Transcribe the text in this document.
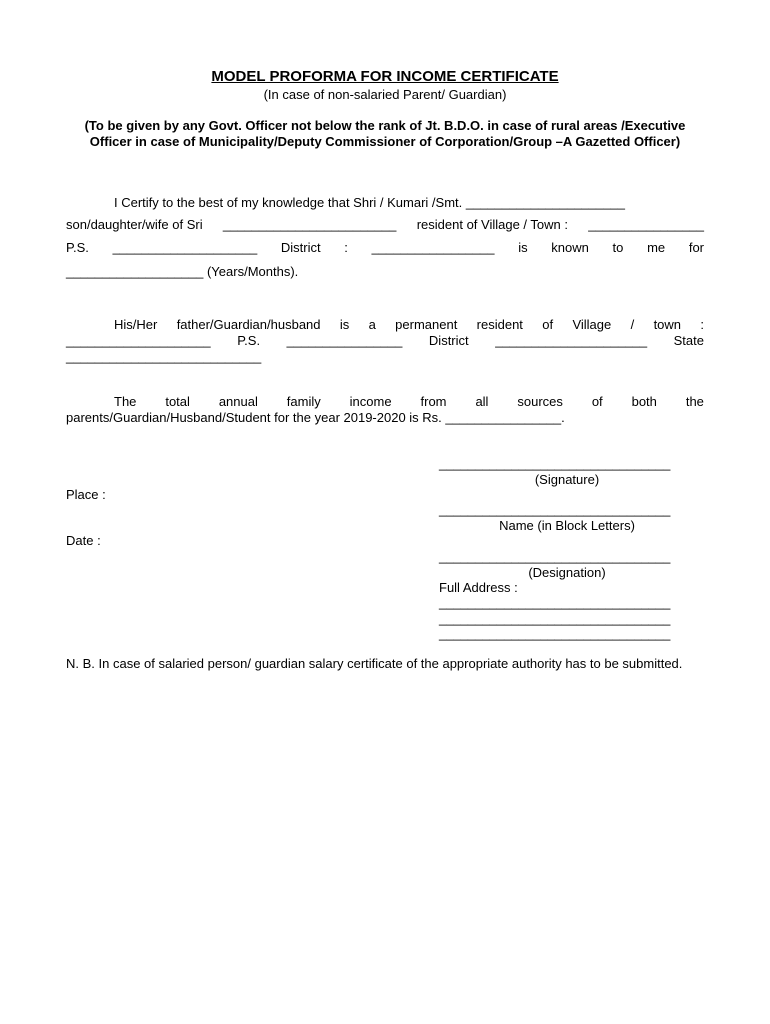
MODEL PROFORMA FOR INCOME CERTIFICATE
(In case of non-salaried Parent/ Guardian)
(To be given by any Govt. Officer not below the rank of Jt. B.D.O. in case of rural areas /Executive Officer in case of Municipality/Deputy Commissioner of Corporation/Group –A Gazetted Officer)
I Certify to the best of my knowledge that Shri / Kumari /Smt. ______________________
son/daughter/wife of Sri ________________________ resident of Village / Town : ________________
P.S. ____________________ District : _________________ is known to me for
___________________ (Years/Months).
His/Her father/Guardian/husband is a permanent resident of Village / town :
____________________ P.S. ________________ District _____________________ State
___________________________
The total annual family income from all sources of both the
parents/Guardian/Husband/Student for the year 2019-2020 is Rs. ________________.
________________________________
(Signature)
Place :
________________________________
Name (in Block Letters)
Date :
________________________________
(Designation)
Full Address :
________________________________
________________________________
________________________________
N. B. In case of salaried person/ guardian salary certificate of the appropriate authority has to be submitted.
